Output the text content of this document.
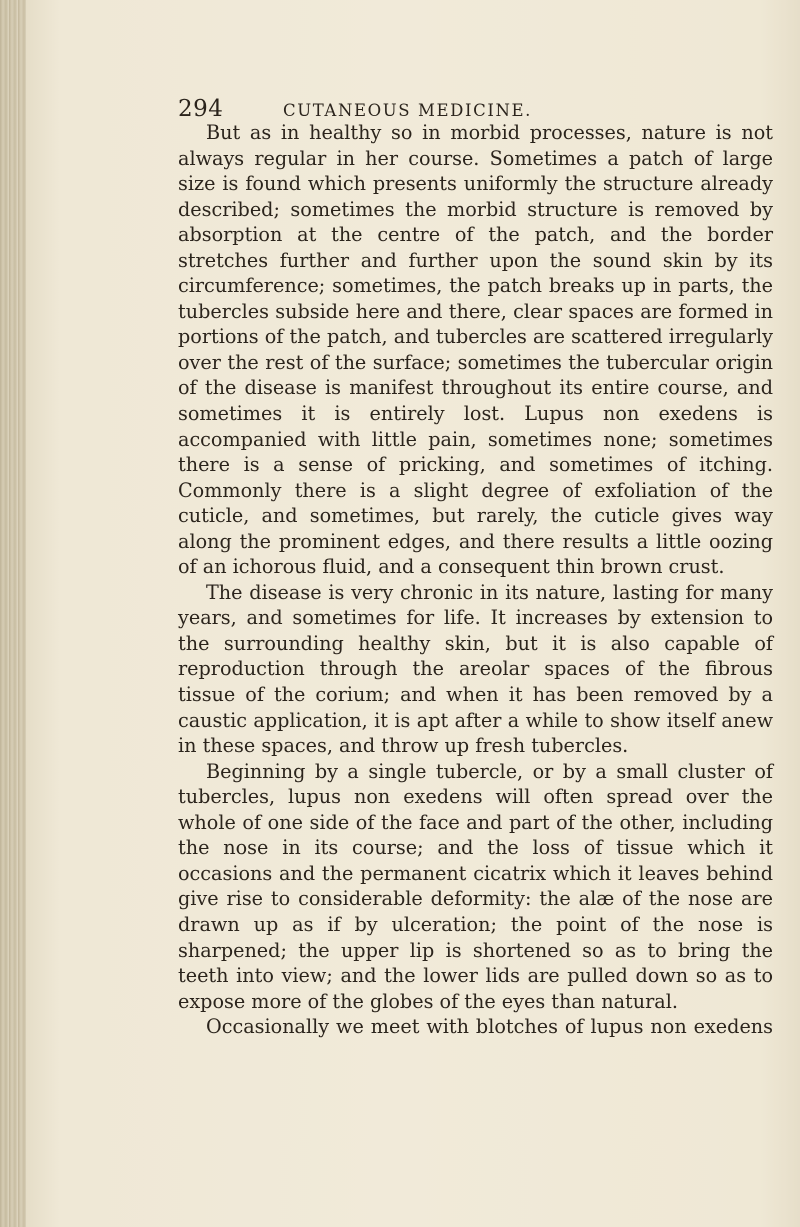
294	CUTANEOUS MEDICINE.

But as in healthy so in morbid processes, nature is not always regular in her course. Sometimes a patch of large size is found which presents uniformly the structure already described; sometimes the morbid structure is removed by absorption at the centre of the patch, and the border stretches further and further upon the sound skin by its circumference; sometimes, the patch breaks up in parts, the tubercles subside here and there, clear spaces are formed in portions of the patch, and tubercles are scattered irregularly over the rest of the surface; sometimes the tubercular origin of the disease is manifest throughout its entire course, and sometimes it is entirely lost. Lupus non exedens is accompanied with little pain, sometimes none; sometimes there is a sense of pricking, and sometimes of itching. Commonly there is a slight degree of exfoliation of the cuticle, and sometimes, but rarely, the cuticle gives way along the prominent edges, and there results a little oozing of an ichorous fluid, and a consequent thin brown crust.

The disease is very chronic in its nature, lasting for many years, and sometimes for life. It increases by extension to the surrounding healthy skin, but it is also capable of reproduction through the areolar spaces of the fibrous tissue of the corium; and when it has been removed by a caustic application, it is apt after a while to show itself anew in these spaces, and throw up fresh tubercles.

Beginning by a single tubercle, or by a small cluster of tubercles, lupus non exedens will often spread over the whole of one side of the face and part of the other, including the nose in its course; and the loss of tissue which it occasions and the permanent cicatrix which it leaves behind give rise to considerable deformity: the alæ of the nose are drawn up as if by ulceration; the point of the nose is sharpened; the upper lip is shortened so as to bring the teeth into view; and the lower lids are pulled down so as to expose more of the globes of the eyes than natural.

Occasionally we meet with blotches of lupus non exedens
